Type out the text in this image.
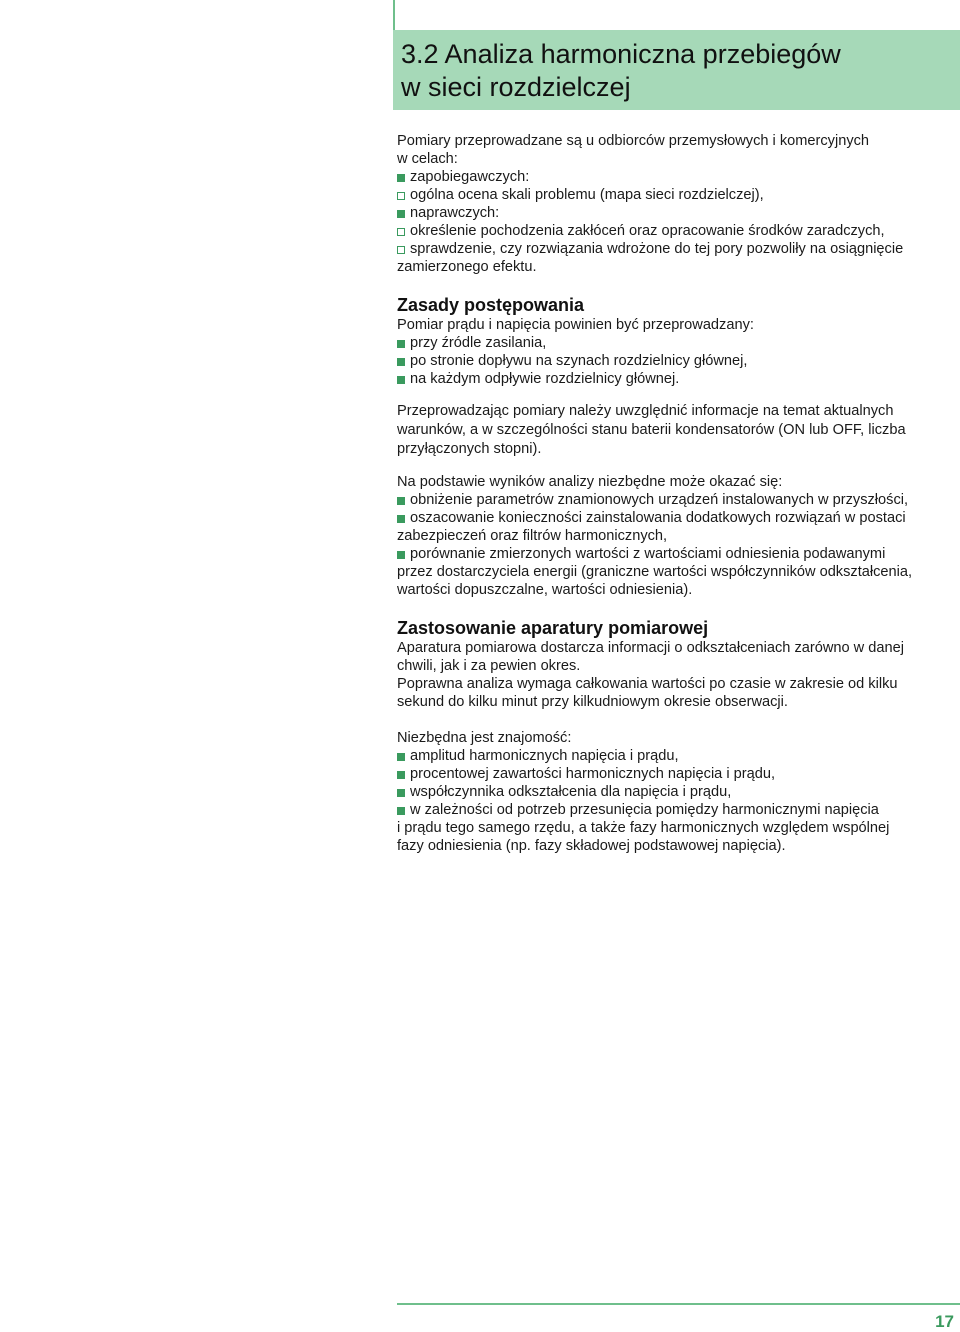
3.2 Analiza harmoniczna przebiegów
w sieci rozdzielczej
Pomiary przeprowadzane są u odbiorców przemysłowych i komercyjnych
w celach:
zapobiegawczych:
ogólna ocena skali problemu (mapa sieci rozdzielczej),
naprawczych:
określenie pochodzenia zakłóceń oraz opracowanie środków zaradczych,
sprawdzenie, czy rozwiązania wdrożone do tej pory pozwoliły na osiągnięcie
zamierzonego efektu.
Zasady postępowania
Pomiar prądu i napięcia powinien być przeprowadzany:
przy źródle zasilania,
po stronie dopływu na szynach rozdzielnicy głównej,
na każdym odpływie rozdzielnicy głównej.
Przeprowadzając pomiary należy uwzględnić informacje na temat aktualnych
warunków, a w szczególności stanu baterii kondensatorów (ON lub OFF, liczba
przyłączonych stopni).
Na podstawie wyników analizy niezbędne może okazać się:
obniżenie parametrów znamionowych urządzeń instalowanych w przyszłości,
oszacowanie konieczności zainstalowania dodatkowych rozwiązań w postaci
zabezpieczeń oraz filtrów harmonicznych,
porównanie zmierzonych wartości z wartościami odniesienia podawanymi
przez dostarczyciela energii (graniczne wartości współczynników odkształcenia,
wartości dopuszczalne, wartości odniesienia).
Zastosowanie aparatury pomiarowej
Aparatura pomiarowa dostarcza informacji o odkształceniach zarówno w danej
chwili, jak i za pewien okres.
Poprawna analiza wymaga całkowania wartości po czasie w zakresie od kilku
sekund do kilku minut przy kilkudniowym okresie obserwacji.
Niezbędna jest znajomość:
amplitud harmonicznych napięcia i prądu,
procentowej zawartości harmonicznych napięcia i prądu,
współczynnika odkształcenia dla napięcia i prądu,
w zależności od potrzeb przesunięcia pomiędzy harmonicznymi napięcia
i prądu tego samego rzędu, a także fazy harmonicznych względem wspólnej
fazy odniesienia (np. fazy składowej podstawowej napięcia).
17
